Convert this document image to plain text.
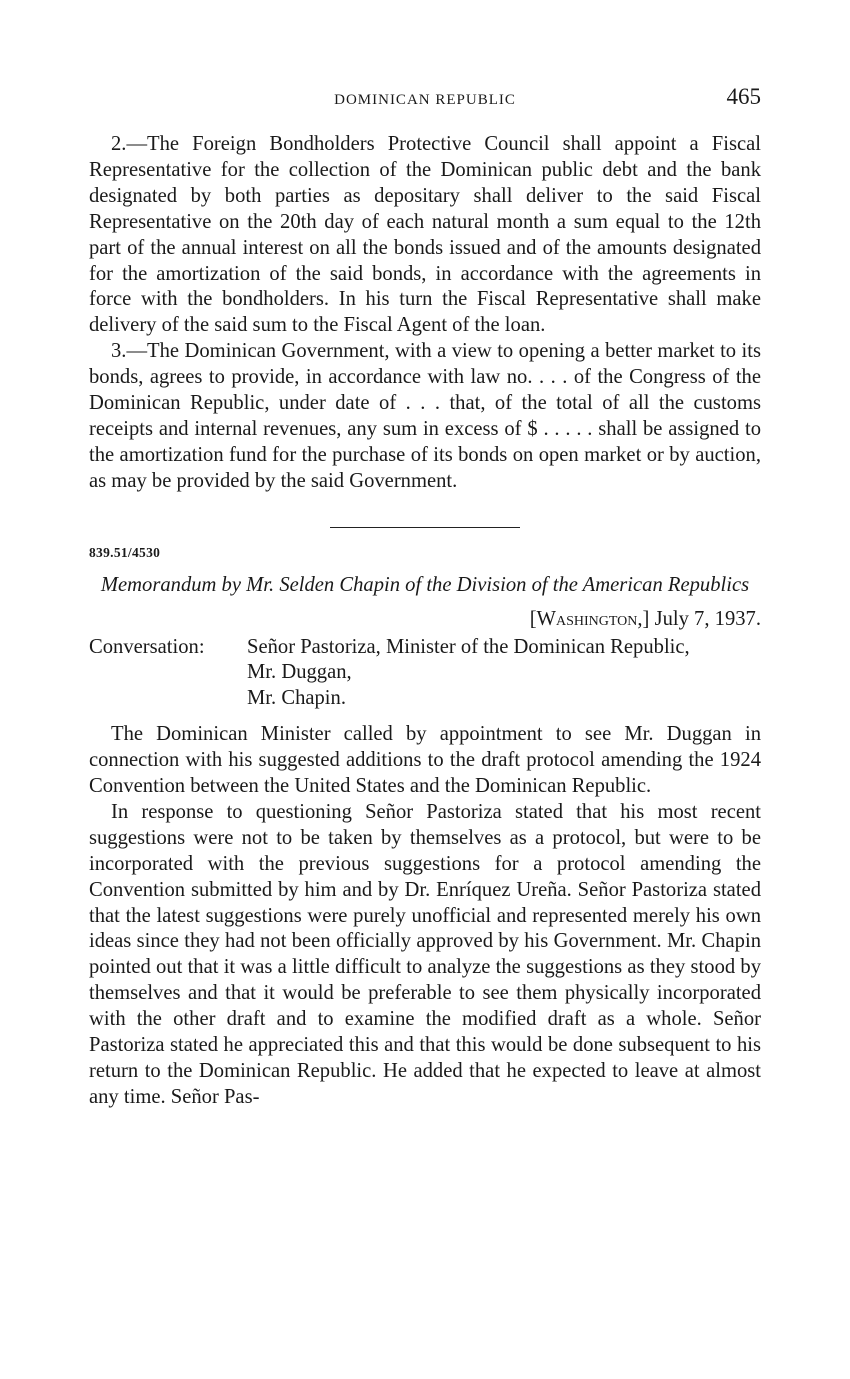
DOMINICAN REPUBLIC	465

2.—The Foreign Bondholders Protective Council shall appoint a Fiscal Representative for the collection of the Dominican public debt and the bank designated by both parties as depositary shall deliver to the said Fiscal Representative on the 20th day of each natural month a sum equal to the 12th part of the annual interest on all the bonds issued and of the amounts designated for the amortization of the said bonds, in accordance with the agreements in force with the bondholders. In his turn the Fiscal Representative shall make delivery of the said sum to the Fiscal Agent of the loan.

3.—The Dominican Government, with a view to opening a better market to its bonds, agrees to provide, in accordance with law no. . . . of the Congress of the Dominican Republic, under date of . . . that, of the total of all the customs receipts and internal revenues, any sum in excess of $ . . . . . shall be assigned to the amortization fund for the purchase of its bonds on open market or by auction, as may be provided by the said Government.

839.51/4530
Memorandum by Mr. Selden Chapin of the Division of the American Republics
[Washington,] July 7, 1937.
Conversation:	Señor Pastoriza, Minister of the Dominican Republic,
Mr. Duggan,
Mr. Chapin.

The Dominican Minister called by appointment to see Mr. Duggan in connection with his suggested additions to the draft protocol amending the 1924 Convention between the United States and the Dominican Republic.

In response to questioning Señor Pastoriza stated that his most recent suggestions were not to be taken by themselves as a protocol, but were to be incorporated with the previous suggestions for a protocol amending the Convention submitted by him and by Dr. Enríquez Ureña. Señor Pastoriza stated that the latest suggestions were purely unofficial and represented merely his own ideas since they had not been officially approved by his Government. Mr. Chapin pointed out that it was a little difficult to analyze the suggestions as they stood by themselves and that it would be preferable to see them physically incorporated with the other draft and to examine the modified draft as a whole. Señor Pastoriza stated he appreciated this and that this would be done subsequent to his return to the Dominican Republic. He added that he expected to leave at almost any time. Señor Pas-
